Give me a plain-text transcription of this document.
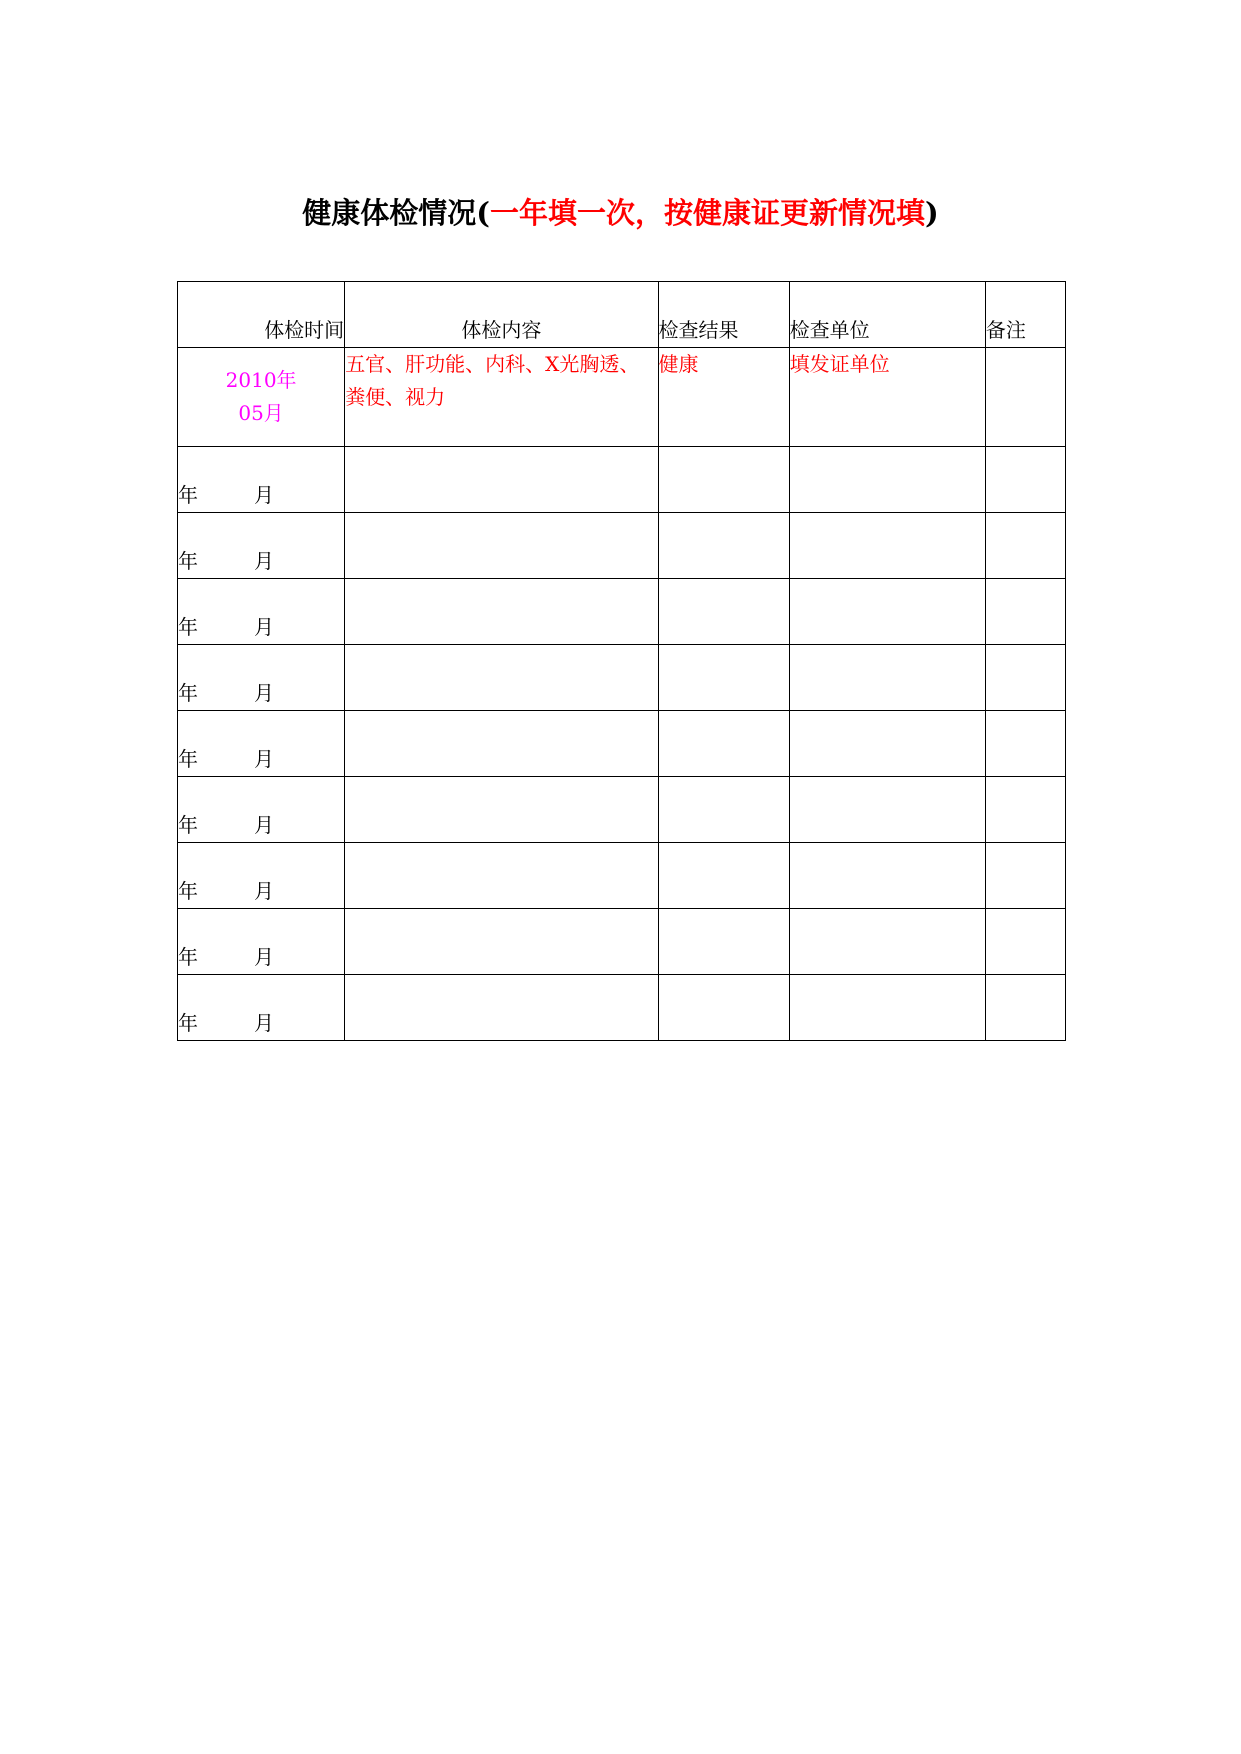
健康体检情况(一年填一次，按健康证更新情况填)
体检时间	体检内容	检查结果	检查单位	备注

2010年
05月	五官、肝功能、内科、X光胸透、粪便、视力	健康	填发证单位	
年 月				
年 月				
年 月				
年 月				
年 月				
年 月				
年 月				
年 月				
年 月				
